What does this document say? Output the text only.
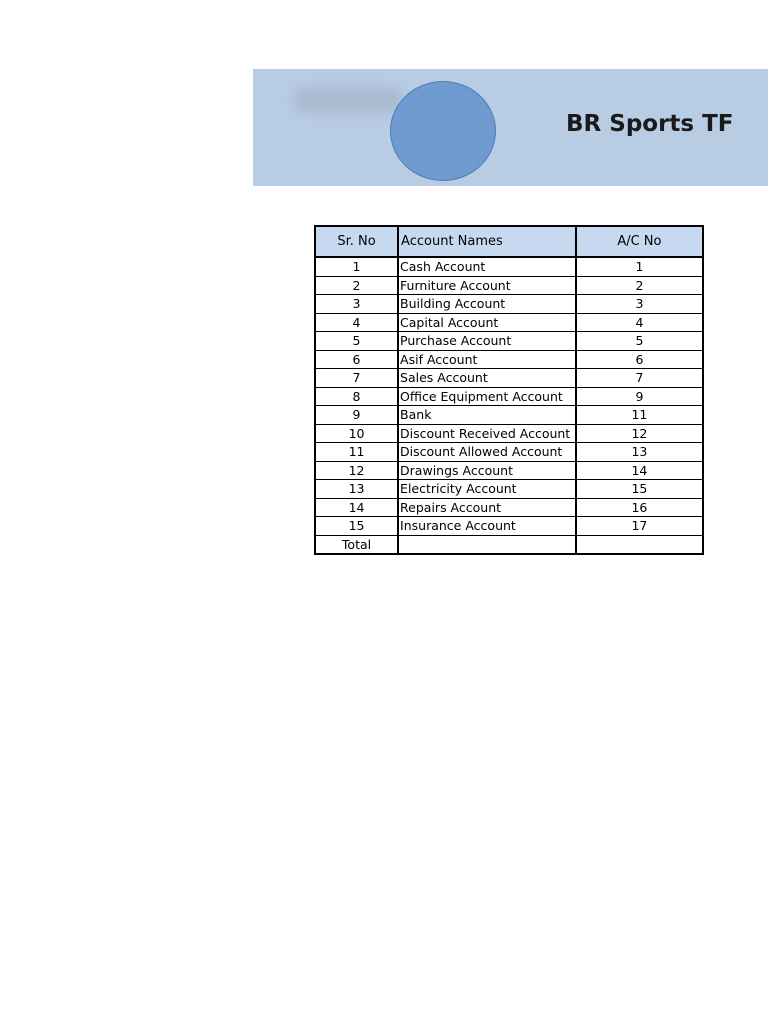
BR Sports TF
Sr. No	Account Names	A/C No
1	Cash Account	1
2	Furniture Account	2
3	Building Account	3
4	Capital Account	4
5	Purchase Account	5
6	Asif Account	6
7	Sales Account	7
8	Office Equipment Account	9
9	Bank	11
10	Discount Received Account	12
11	Discount Allowed Account	13
12	Drawings Account	14
13	Electricity Account	15
14	Repairs Account	16
15	Insurance Account	17
Total		
